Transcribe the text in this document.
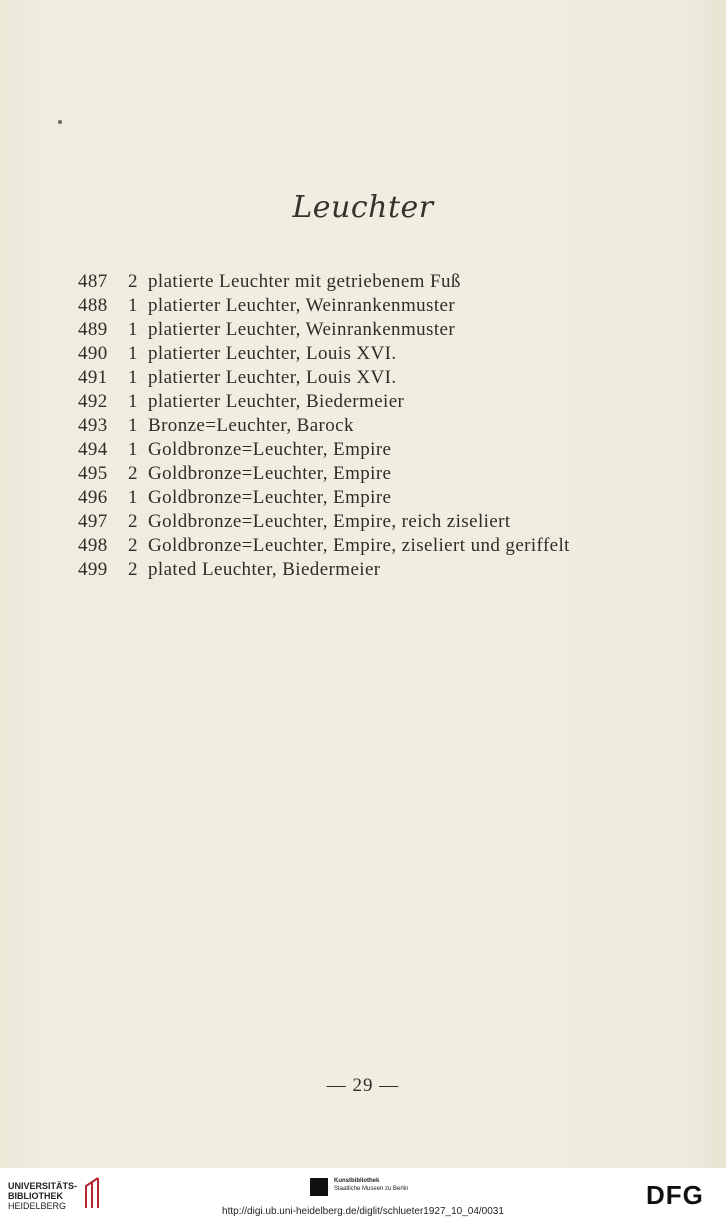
Leuchter
487 2 platierte Leuchter mit getriebenem Fuß
488 1 platierter Leuchter, Weinrankenmuster
489 1 platierter Leuchter, Weinrankenmuster
490 1 platierter Leuchter, Louis XVI.
491 1 platierter Leuchter, Louis XVI.
492 1 platierter Leuchter, Biedermeier
493 1 Bronze=Leuchter, Barock
494 1 Goldbronze=Leuchter, Empire
495 2 Goldbronze=Leuchter, Empire
496 1 Goldbronze=Leuchter, Empire
497 2 Goldbronze=Leuchter, Empire, reich ziseliert
498 2 Goldbronze=Leuchter, Empire, ziseliert und geriffelt
499 2 plated Leuchter, Biedermeier
— 29 —
UNIVERSITÄTS-
BIBLIOTHEK
HEIDELBERG
Kunstbibliothek
Staatliche Museen zu Berlin	DFG
http://digi.ub.uni-heidelberg.de/diglit/schlueter1927_10_04/0031
